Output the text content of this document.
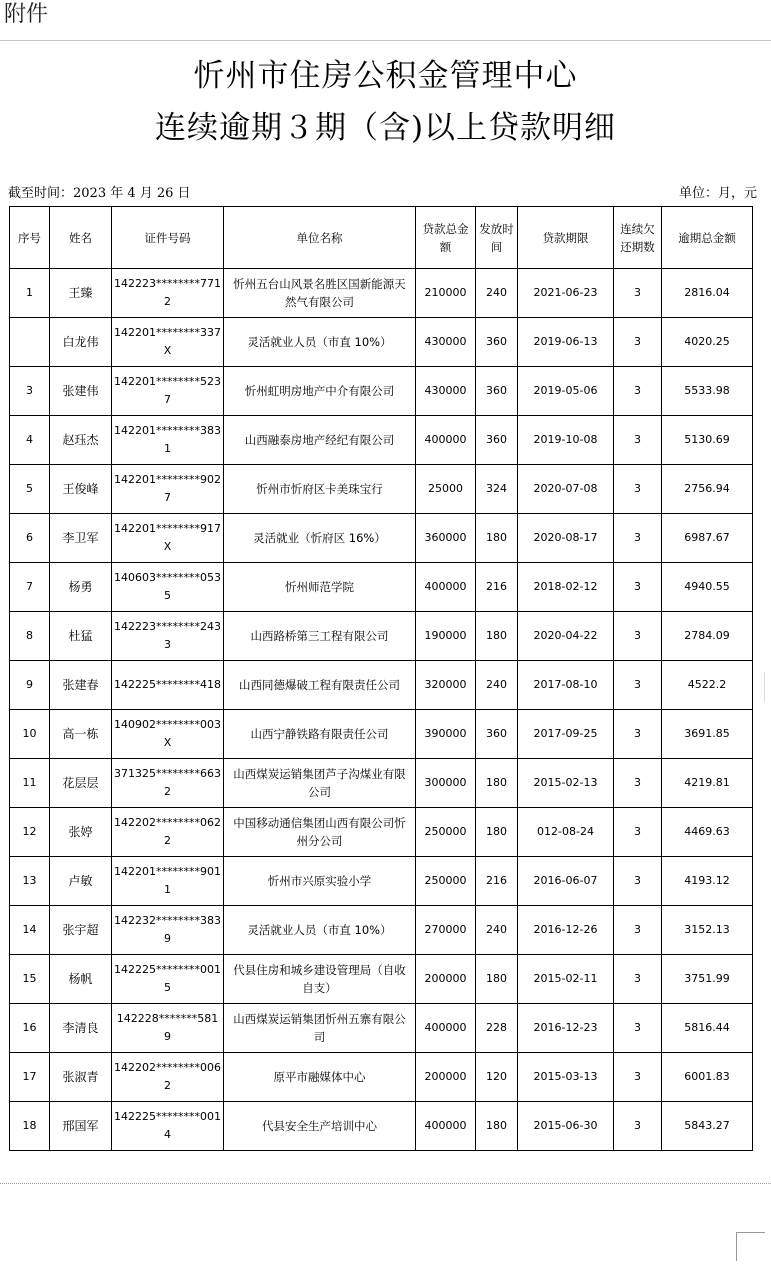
附件
忻州市住房公积金管理中心
连续逾期３期（含)以上贷款明细
截至时间：2023 年 4 月 26 日	单位：月，元
序号	姓名	证件号码	单位名称	贷款总金额	发放时间	贷款期限	连续欠还期数	逾期总金额
1	王臻	142223********7712	忻州五台山风景名胜区国新能源天然气有限公司	210000	240	2021-06-23	3	2816.04
	白龙伟	142201********337X	灵活就业人员（市直 10%）	430000	360	2019-06-13	3	4020.25
3	张建伟	142201********5237	忻州虹明房地产中介有限公司	430000	360	2019-05-06	3	5533.98
4	赵珏杰	142201********3831	山西融泰房地产经纪有限公司	400000	360	2019-10-08	3	5130.69
5	王俊峰	142201********9027	忻州市忻府区卡美珠宝行	25000	324	2020-07-08	3	2756.94
6	李卫军	142201********917X	灵活就业（忻府区 16%）	360000	180	2020-08-17	3	6987.67
7	杨勇	140603********0535	忻州师范学院	400000	216	2018-02-12	3	4940.55
8	杜猛	142223********2433	山西路桥第三工程有限公司	190000	180	2020-04-22	3	2784.09
9	张建春	142225********418	山西同德爆破工程有限责任公司	320000	240	2017-08-10	3	4522.2
10	高一栋	140902********003X	山西宁静铁路有限责任公司	390000	360	2017-09-25	3	3691.85
11	花层层	371325********6632	山西煤炭运销集团芦子沟煤业有限公司	300000	180	2015-02-13	3	4219.81
12	张婷	142202********0622	中国移动通信集团山西有限公司忻州分公司	250000	180	012-08-24	3	4469.63
13	卢敏	142201********9011	忻州市兴原实验小学	250000	216	2016-06-07	3	4193.12
14	张宇超	142232********3839	灵活就业人员（市直 10%）	270000	240	2016-12-26	3	3152.13
15	杨帆	142225********0015	代县住房和城乡建设管理局（自收自支）	200000	180	2015-02-11	3	3751.99
16	李清良	142228*******5819	山西煤炭运销集团忻州五寨有限公司	400000	228	2016-12-23	3	5816.44
17	张淑青	142202********0062	原平市融媒体中心	200000	120	2015-03-13	3	6001.83
18	邢国军	142225********0014	代县安全生产培训中心	400000	180	2015-06-30	3	5843.27
